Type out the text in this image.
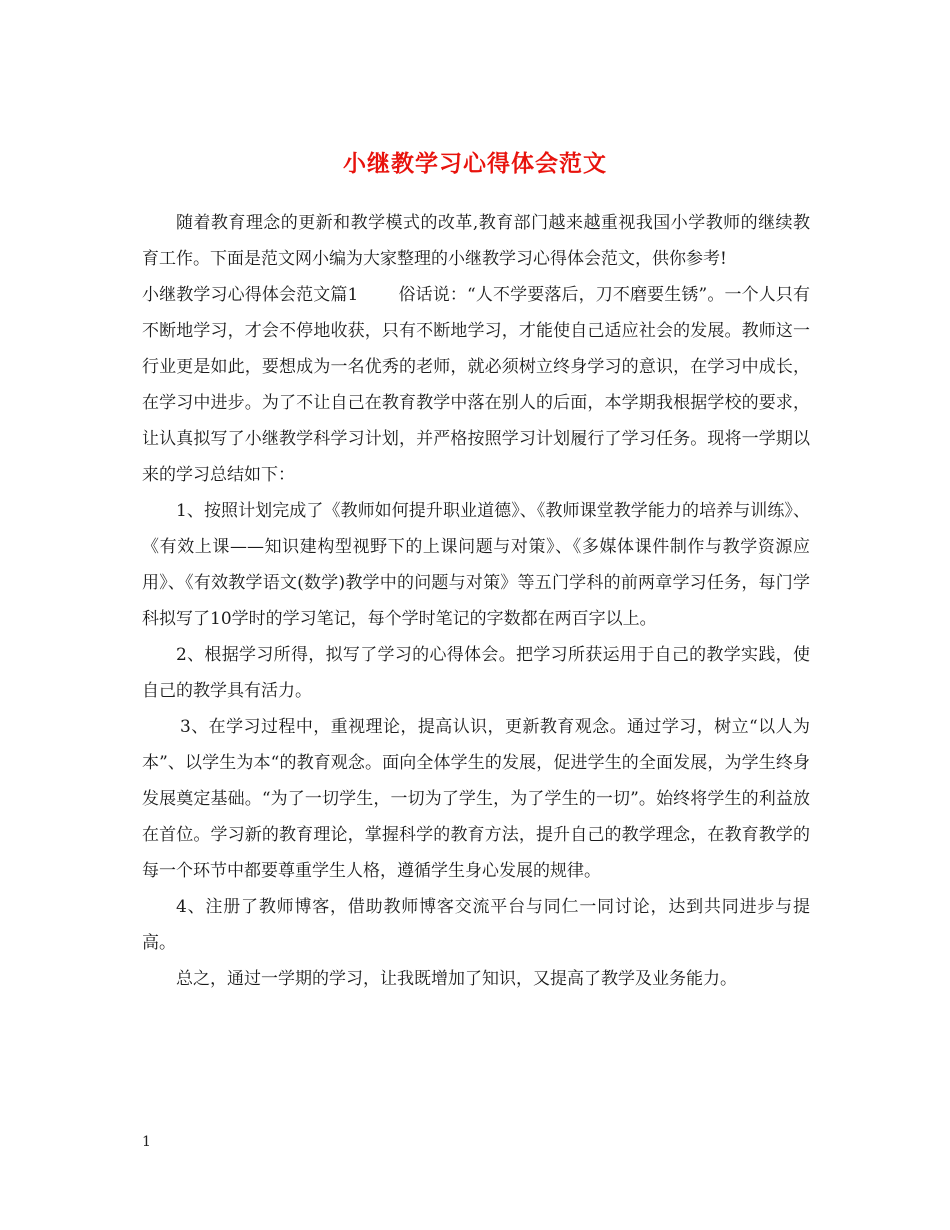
小继教学习心得体会范文

随着教育理念的更新和教学模式的改革,教育部门越来越重视我国小学教师的继续教育工作。下面是范文网小编为大家整理的小继教学习心得体会范文，供你参考!

小继教学习心得体会范文篇1 俗话说：“人不学要落后，刀不磨要生锈”。一个人只有不断地学习，才会不停地收获，只有不断地学习，才能使自己适应社会的发展。教师这一行业更是如此，要想成为一名优秀的老师，就必须树立终身学习的意识，在学习中成长，在学习中进步。为了不让自己在教育教学中落在别人的后面，本学期我根据学校的要求，让认真拟写了小继教学科学习计划，并严格按照学习计划履行了学习任务。现将一学期以来的学习总结如下：

1、按照计划完成了《教师如何提升职业道德》、《教师课堂教学能力的培养与训练》、《有效上课——知识建构型视野下的上课问题与对策》、《多媒体课件制作与教学资源应用》、《有效教学语文(数学)教学中的问题与对策》等五门学科的前两章学习任务，每门学科拟写了10学时的学习笔记，每个学时笔记的字数都在两百字以上。

2、根据学习所得，拟写了学习的心得体会。把学习所获运用于自己的教学实践，使自己的教学具有活力。

3、在学习过程中，重视理论，提高认识，更新教育观念。通过学习，树立“以人为本”、以学生为本“的教育观念。面向全体学生的发展，促进学生的全面发展，为学生终身发展奠定基础。“为了一切学生，一切为了学生，为了学生的一切”。始终将学生的利益放在首位。学习新的教育理论，掌握科学的教育方法，提升自己的教学理念，在教育教学的每一个环节中都要尊重学生人格，遵循学生身心发展的规律。

4、注册了教师博客，借助教师博客交流平台与同仁一同讨论，达到共同进步与提高。

总之，通过一学期的学习，让我既增加了知识，又提高了教学及业务能力。

1
